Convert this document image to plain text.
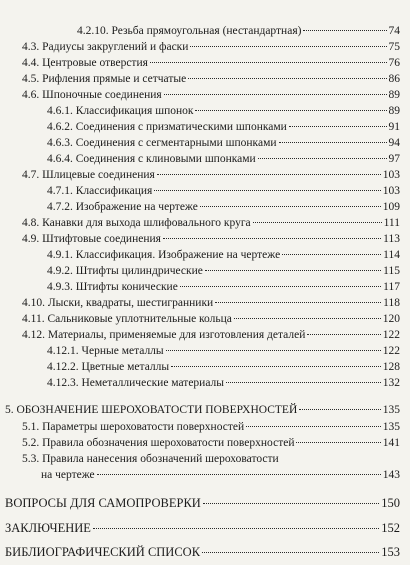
4.2.10. Резьба прямоугольная (нестандартная)	74
4.3. Радиусы закруглений и фаски	75
4.4. Центровые отверстия	76
4.5. Рифления прямые и сетчатые	86
4.6. Шпоночные соединения	89
4.6.1. Классификация шпонок	89
4.6.2. Соединения с призматическими шпонками	91
4.6.3. Соединения с сегментарными шпонками	94
4.6.4. Соединения с клиновыми шпонками	97
4.7. Шлицевые соединения	103
4.7.1. Классификация	103
4.7.2. Изображение на чертеже	109
4.8. Канавки для выхода шлифовального круга	111
4.9. Штифтовые соединения	113
4.9.1. Классификация. Изображение на чертеже	114
4.9.2. Штифты цилиндрические	115
4.9.3. Штифты конические	117
4.10. Лыски, квадраты, шестигранники	118
4.11. Сальниковые уплотнительные кольца	120
4.12. Материалы, применяемые для изготовления деталей	122
4.12.1. Черные металлы	122
4.12.2. Цветные металлы	128
4.12.3. Неметаллические материалы	132
5. ОБОЗНАЧЕНИЕ ШЕРОХОВАТОСТИ ПОВЕРХНОСТЕЙ	135
5.1. Параметры шероховатости поверхностей	135
5.2. Правила обозначения шероховатости поверхностей	141
5.3. Правила нанесения обозначений шероховатости
на чертеже	143
ВОПРОСЫ ДЛЯ САМОПРОВЕРКИ	150
ЗАКЛЮЧЕНИЕ	152
БИБЛИОГРАФИЧЕСКИЙ СПИСОК	153
